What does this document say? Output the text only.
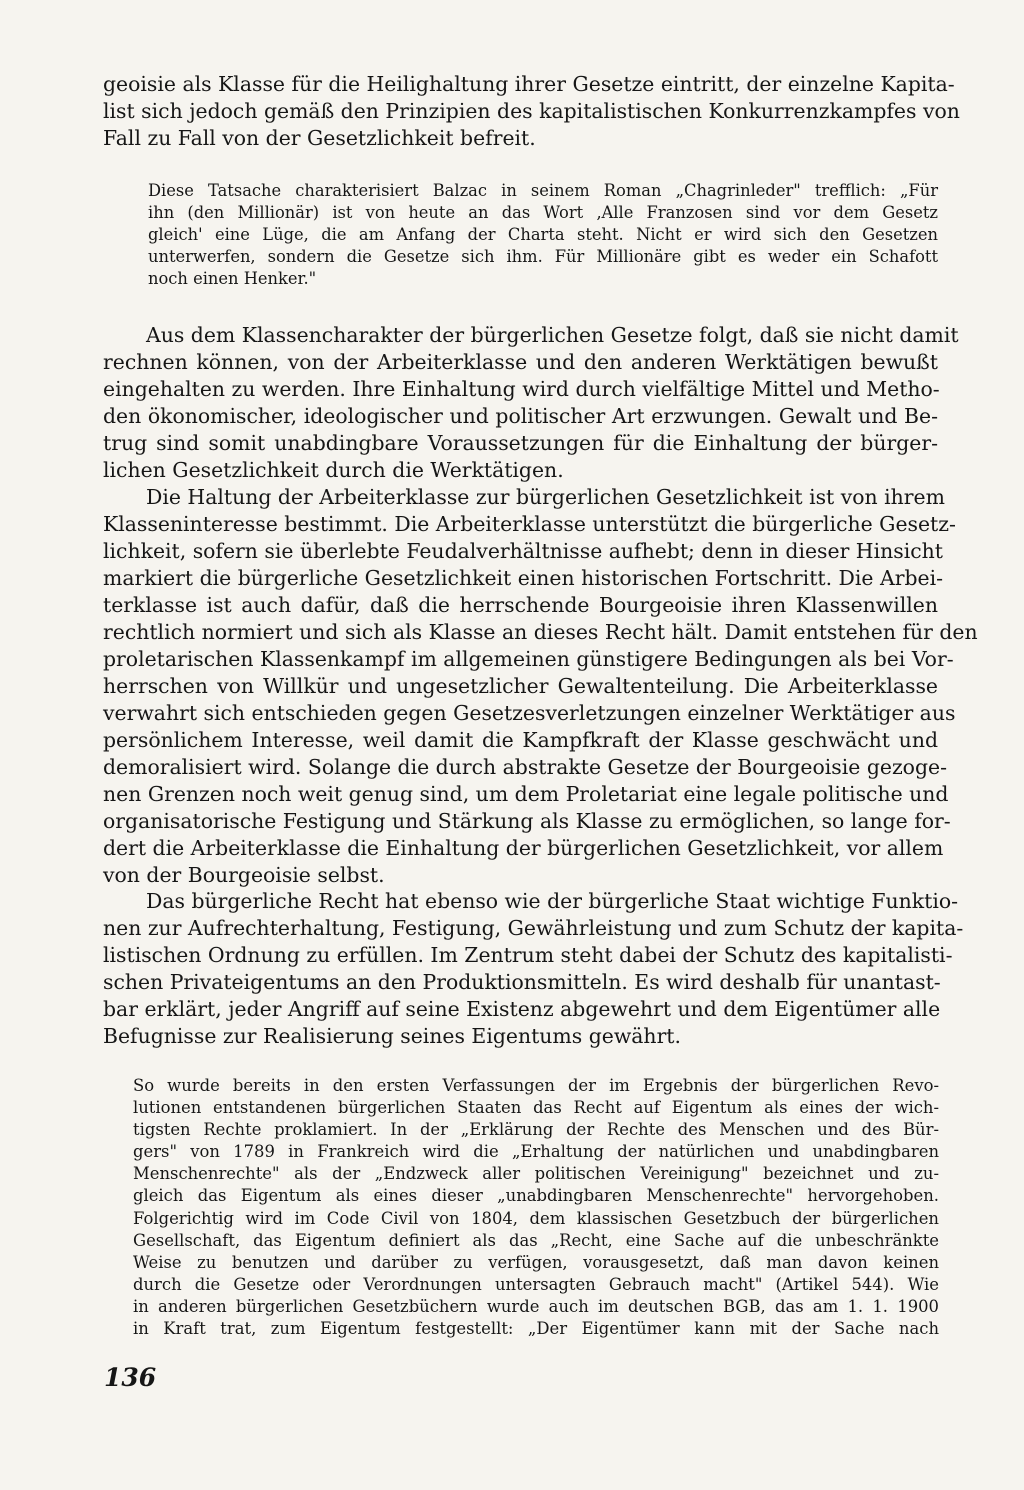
geoisie als Klasse für die Heilighaltung ihrer Gesetze eintritt, der einzelne Kapita-
list sich jedoch gemäß den Prinzipien des kapitalistischen Konkurrenzkampfes von
Fall zu Fall von der Gesetzlichkeit befreit.
Diese Tatsache charakterisiert Balzac in seinem Roman „Chagrinleder" trefflich: „Für
ihn (den Millionär) ist von heute an das Wort ‚Alle Franzosen sind vor dem Gesetz
gleich' eine Lüge, die am Anfang der Charta steht. Nicht er wird sich den Gesetzen
unterwerfen, sondern die Gesetze sich ihm. Für Millionäre gibt es weder ein Schafott
noch einen Henker."
Aus dem Klassencharakter der bürgerlichen Gesetze folgt, daß sie nicht damit
rechnen können, von der Arbeiterklasse und den anderen Werktätigen bewußt
eingehalten zu werden. Ihre Einhaltung wird durch vielfältige Mittel und Metho-
den ökonomischer, ideologischer und politischer Art erzwungen. Gewalt und Be-
trug sind somit unabdingbare Voraussetzungen für die Einhaltung der bürger-
lichen Gesetzlichkeit durch die Werktätigen.
Die Haltung der Arbeiterklasse zur bürgerlichen Gesetzlichkeit ist von ihrem
Klasseninteresse bestimmt. Die Arbeiterklasse unterstützt die bürgerliche Gesetz-
lichkeit, sofern sie überlebte Feudalverhältnisse aufhebt; denn in dieser Hinsicht
markiert die bürgerliche Gesetzlichkeit einen historischen Fortschritt. Die Arbei-
terklasse ist auch dafür, daß die herrschende Bourgeoisie ihren Klassenwillen
rechtlich normiert und sich als Klasse an dieses Recht hält. Damit entstehen für den
proletarischen Klassenkampf im allgemeinen günstigere Bedingungen als bei Vor-
herrschen von Willkür und ungesetzlicher Gewaltenteilung. Die Arbeiterklasse
verwahrt sich entschieden gegen Gesetzesverletzungen einzelner Werktätiger aus
persönlichem Interesse, weil damit die Kampfkraft der Klasse geschwächt und
demoralisiert wird. Solange die durch abstrakte Gesetze der Bourgeoisie gezoge-
nen Grenzen noch weit genug sind, um dem Proletariat eine legale politische und
organisatorische Festigung und Stärkung als Klasse zu ermöglichen, so lange for-
dert die Arbeiterklasse die Einhaltung der bürgerlichen Gesetzlichkeit, vor allem
von der Bourgeoisie selbst.
Das bürgerliche Recht hat ebenso wie der bürgerliche Staat wichtige Funktio-
nen zur Aufrechterhaltung, Festigung, Gewährleistung und zum Schutz der kapita-
listischen Ordnung zu erfüllen. Im Zentrum steht dabei der Schutz des kapitalisti-
schen Privateigentums an den Produktionsmitteln. Es wird deshalb für unantast-
bar erklärt, jeder Angriff auf seine Existenz abgewehrt und dem Eigentümer alle
Befugnisse zur Realisierung seines Eigentums gewährt.
So wurde bereits in den ersten Verfassungen der im Ergebnis der bürgerlichen Revo-
lutionen entstandenen bürgerlichen Staaten das Recht auf Eigentum als eines der wich-
tigsten Rechte proklamiert. In der „Erklärung der Rechte des Menschen und des Bür-
gers" von 1789 in Frankreich wird die „Erhaltung der natürlichen und unabdingbaren
Menschenrechte" als der „Endzweck aller politischen Vereinigung" bezeichnet und zu-
gleich das Eigentum als eines dieser „unabdingbaren Menschenrechte" hervorgehoben.
Folgerichtig wird im Code Civil von 1804, dem klassischen Gesetzbuch der bürgerlichen
Gesellschaft, das Eigentum definiert als das „Recht, eine Sache auf die unbeschränkte
Weise zu benutzen und darüber zu verfügen, vorausgesetzt, daß man davon keinen
durch die Gesetze oder Verordnungen untersagten Gebrauch macht" (Artikel 544). Wie
in anderen bürgerlichen Gesetzbüchern wurde auch im deutschen BGB, das am 1. 1. 1900
in Kraft trat, zum Eigentum festgestellt: „Der Eigentümer kann mit der Sache nach
136
